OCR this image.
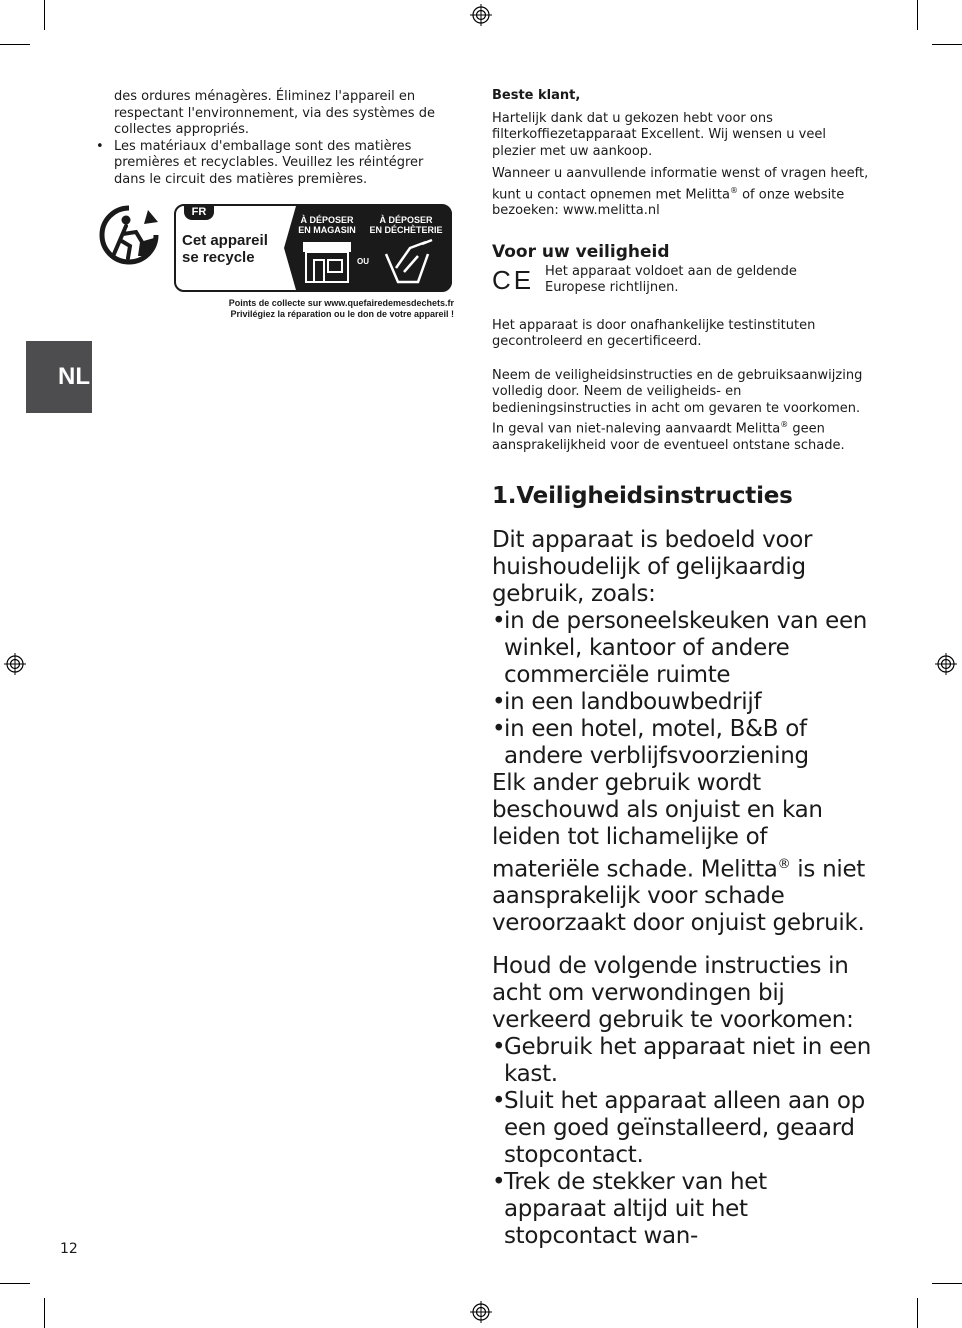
des ordures ménagères. Éliminez l'appareil en respectant l'environnement, via des systèmes de collectes appropriés.

• Les matériaux d'emballage sont des matières premières et recyclables. Veuillez les réintégrer dans le circuit des matières premières.
FR
Cet appareil
se recycle
À DÉPOSER
EN MAGASIN
À DÉPOSER
EN DÉCHÈTERIE
OU
Points de collecte sur www.quefairedemesdechets.fr
Privilégiez la réparation ou le don de votre appareil !
NL

Beste klant,

Hartelijk dank dat u gekozen hebt voor ons filterkoffiezetapparaat Excellent. Wij wensen u veel plezier met uw aankoop.

Wanneer u aanvullende informatie wenst of vragen heeft, kunt u contact opnemen met Melitta® of onze website bezoeken: www.melitta.nl

Voor uw veiligheid

CE Het apparaat voldoet aan de geldende Europese richtlijnen.

Het apparaat is door onafhankelijke testinstituten gecontroleerd en gecertificeerd.

Neem de veiligheidsinstructies en de gebruiksaanwijzing volledig door. Neem de veiligheids- en bedieningsinstructies in acht om gevaren te voorkomen. In geval van niet-naleving aanvaardt Melitta® geen aansprakelijkheid voor de eventueel ontstane schade.

1.Veiligheidsinstructies

Dit apparaat is bedoeld voor huishoudelijk of gelijkaardig gebruik, zoals:
•
in de personeelskeuken van een winkel, kantoor of andere commerciële ruimte
•
in een landbouwbedrijf
•
in een hotel, motel, B&B of andere verblijfsvoorziening
Elk ander gebruik wordt beschouwd als onjuist en kan leiden tot lichamelijke of materiële schade. Melitta® is niet aansprakelijk voor schade veroorzaakt door onjuist gebruik.
Houd de volgende instructies in acht om verwondingen bij verkeerd gebruik te voorkomen:
•
Gebruik het apparaat niet in een kast.
•
Sluit het apparaat alleen aan op een goed geïnstalleerd, geaard stopcontact.
•
Trek de stekker van het apparaat altijd uit het stopcontact wan-
12
